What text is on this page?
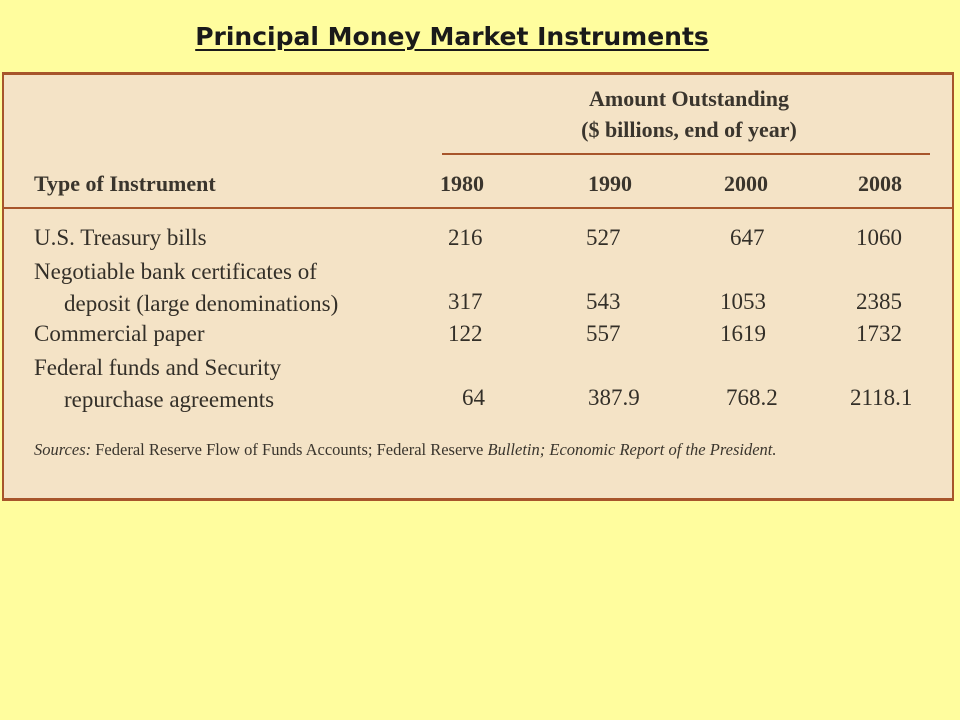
Principal Money Market Instruments
Amount Outstanding
($ billions, end of year)
Type of Instrument	1980	1990	2000	2008
U.S. Treasury bills	216	527	647	1060
Negotiable bank certificates of
deposit (large denominations)	317	543	1053	2385
Commercial paper	122	557	1619	1732
Federal funds and Security
repurchase agreements	64	387.9	768.2	2118.1
Sources: Federal Reserve Flow of Funds Accounts; Federal Reserve Bulletin; Economic Report of the President.
